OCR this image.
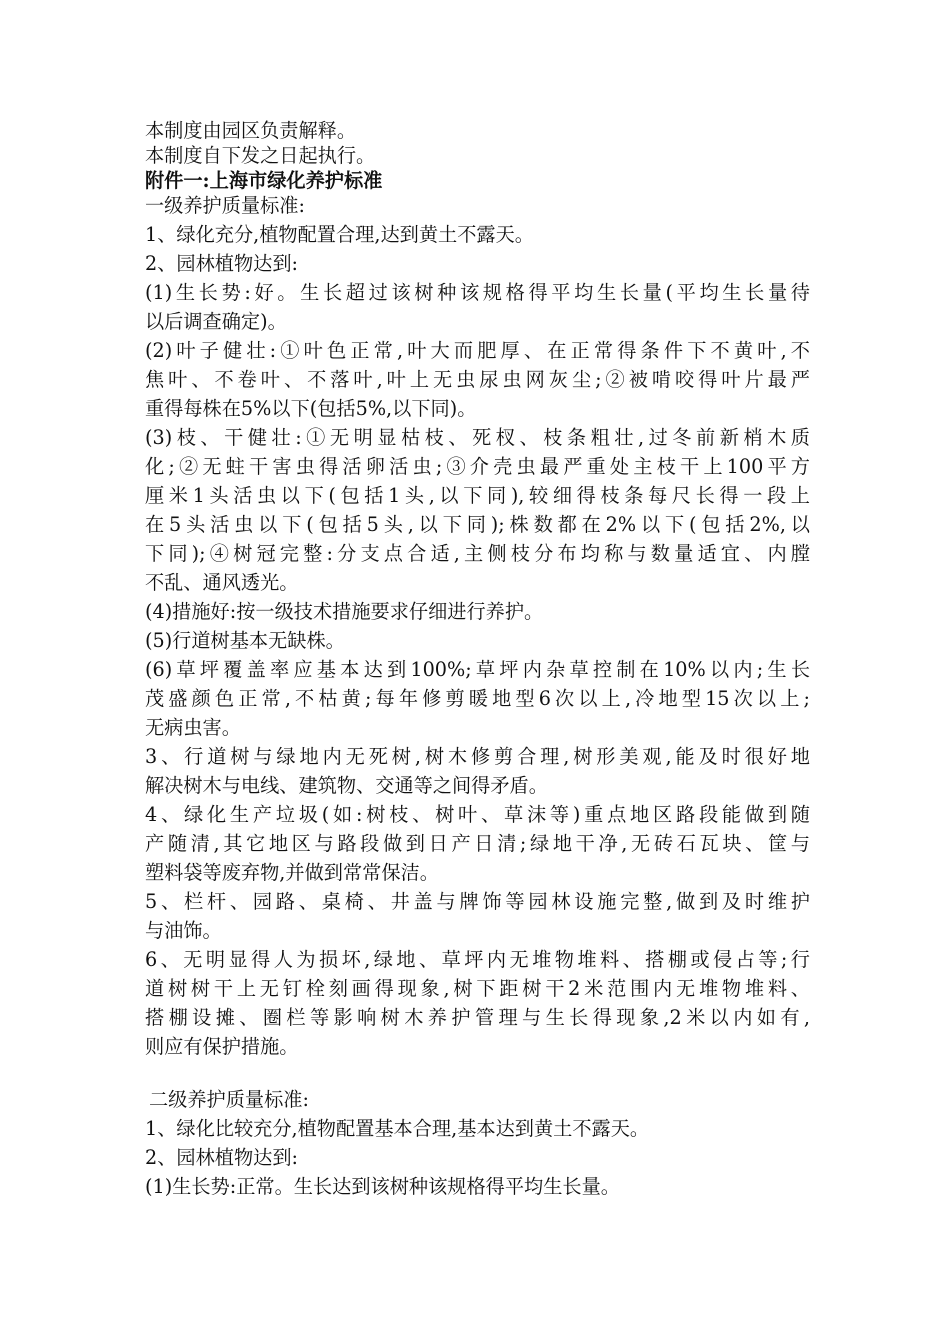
本制度由园区负责解释。

本制度自下发之日起执行。

附件一:上海市绿化养护标准

一级养护质量标准:

1、绿化充分,植物配置合理,达到黄土不露天。

2、园林植物达到:

(1)生长势:好。生长超过该树种该规格得平均生长量(平均生长量待

以后调查确定)。

(2)叶子健壮:①叶色正常,叶大而肥厚、在正常得条件下不黄叶,不

焦叶、不卷叶、不落叶,叶上无虫尿虫网灰尘;②被啃咬得叶片最严

重得每株在5%以下(包括5%,以下同)。

(3)枝、干健壮:①无明显枯枝、死杈、枝条粗壮,过冬前新梢木质

化;②无蛀干害虫得活卵活虫;③介壳虫最严重处主枝干上100平方

厘米1头活虫以下(包括1头,以下同),较细得枝条每尺长得一段上

在5头活虫以下(包括5头,以下同);株数都在2%以下(包括2%,以

下同);④树冠完整:分支点合适,主侧枝分布均称与数量适宜、内膛

不乱、通风透光。

(4)措施好:按一级技术措施要求仔细进行养护。

(5)行道树基本无缺株。

(6)草坪覆盖率应基本达到100%;草坪内杂草控制在10%以内;生长

茂盛颜色正常,不枯黄;每年修剪暖地型6次以上,冷地型15次以上;

无病虫害。

3、行道树与绿地内无死树,树木修剪合理,树形美观,能及时很好地

解决树木与电线、建筑物、交通等之间得矛盾。

4、绿化生产垃圾(如:树枝、树叶、草沫等)重点地区路段能做到随

产随清,其它地区与路段做到日产日清;绿地干净,无砖石瓦块、筐与

塑料袋等废弃物,并做到常常保洁。

5、栏杆、园路、桌椅、井盖与牌饰等园林设施完整,做到及时维护

与油饰。

6、无明显得人为损坏,绿地、草坪内无堆物堆料、搭棚或侵占等;行

道树树干上无钉栓刻画得现象,树下距树干2米范围内无堆物堆料、

搭棚设摊、圈栏等影响树木养护管理与生长得现象,2米以内如有,

则应有保护措施。

二级养护质量标准:

1、绿化比较充分,植物配置基本合理,基本达到黄土不露天。

2、园林植物达到:

(1)生长势:正常。生长达到该树种该规格得平均生长量。
